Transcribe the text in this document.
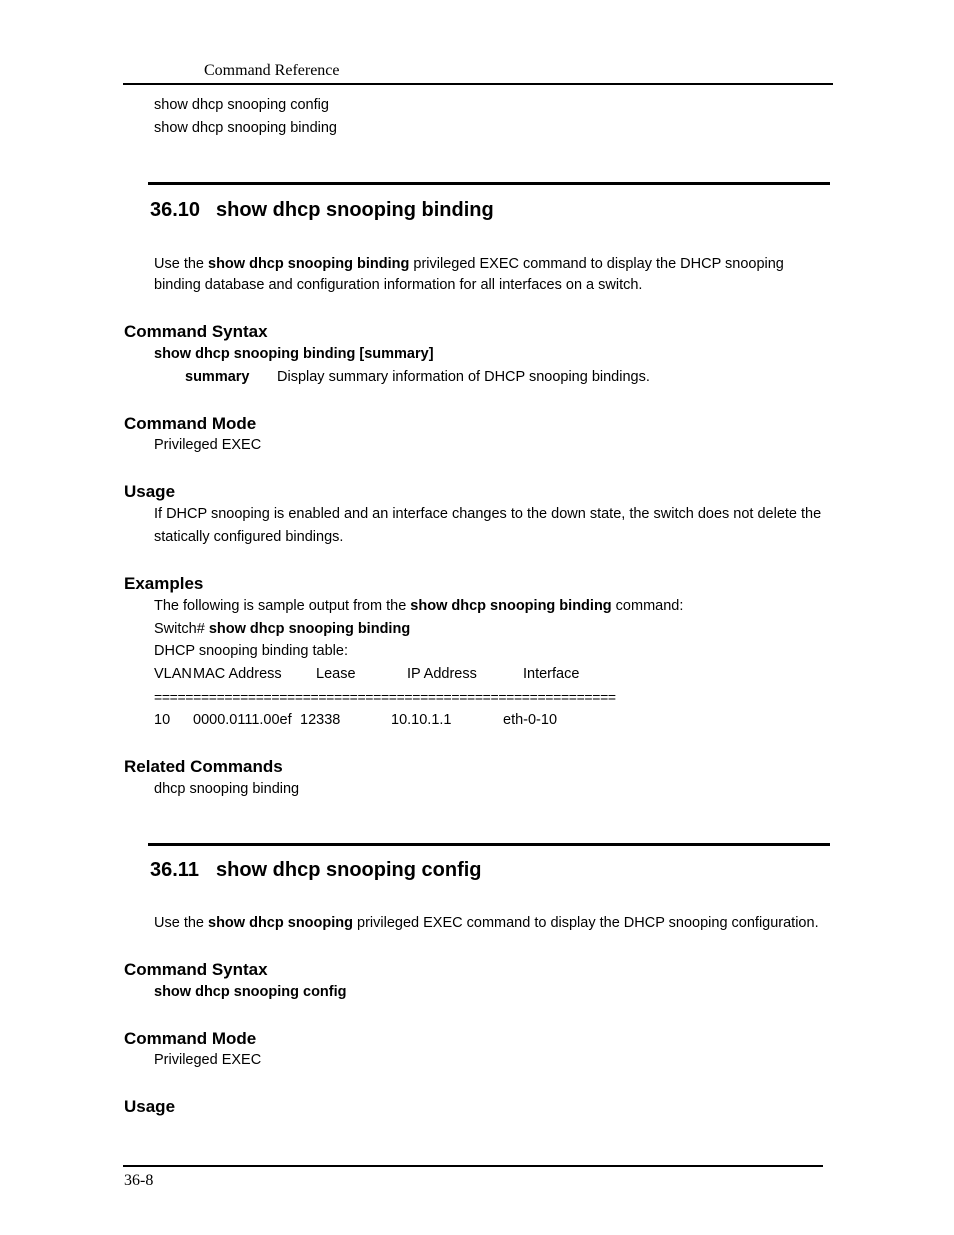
Command Reference
show dhcp snooping config
show dhcp snooping binding
36.10 show dhcp snooping binding
Use the show dhcp snooping binding privileged EXEC command to display the DHCP snooping
binding database and configuration information for all interfaces on a switch.
Command Syntax
show dhcp snooping binding [summary]
summary Display summary information of DHCP snooping bindings.
Command Mode
Privileged EXEC
Usage
If DHCP snooping is enabled and an interface changes to the down state, the switch does not delete the
statically configured bindings.
Examples
The following is sample output from the show dhcp snooping binding command:
Switch# show dhcp snooping binding
DHCP snooping binding table:
VLAN MAC Address Lease	IP Address	Interface
===========================================================
10 0000.0111.00ef 12338	10.10.1.1	eth-0-10
Related Commands
dhcp snooping binding
36.11 show dhcp snooping config
Use the show dhcp snooping privileged EXEC command to display the DHCP snooping configuration.
Command Syntax
show dhcp snooping config
Command Mode
Privileged EXEC
Usage
36-8
